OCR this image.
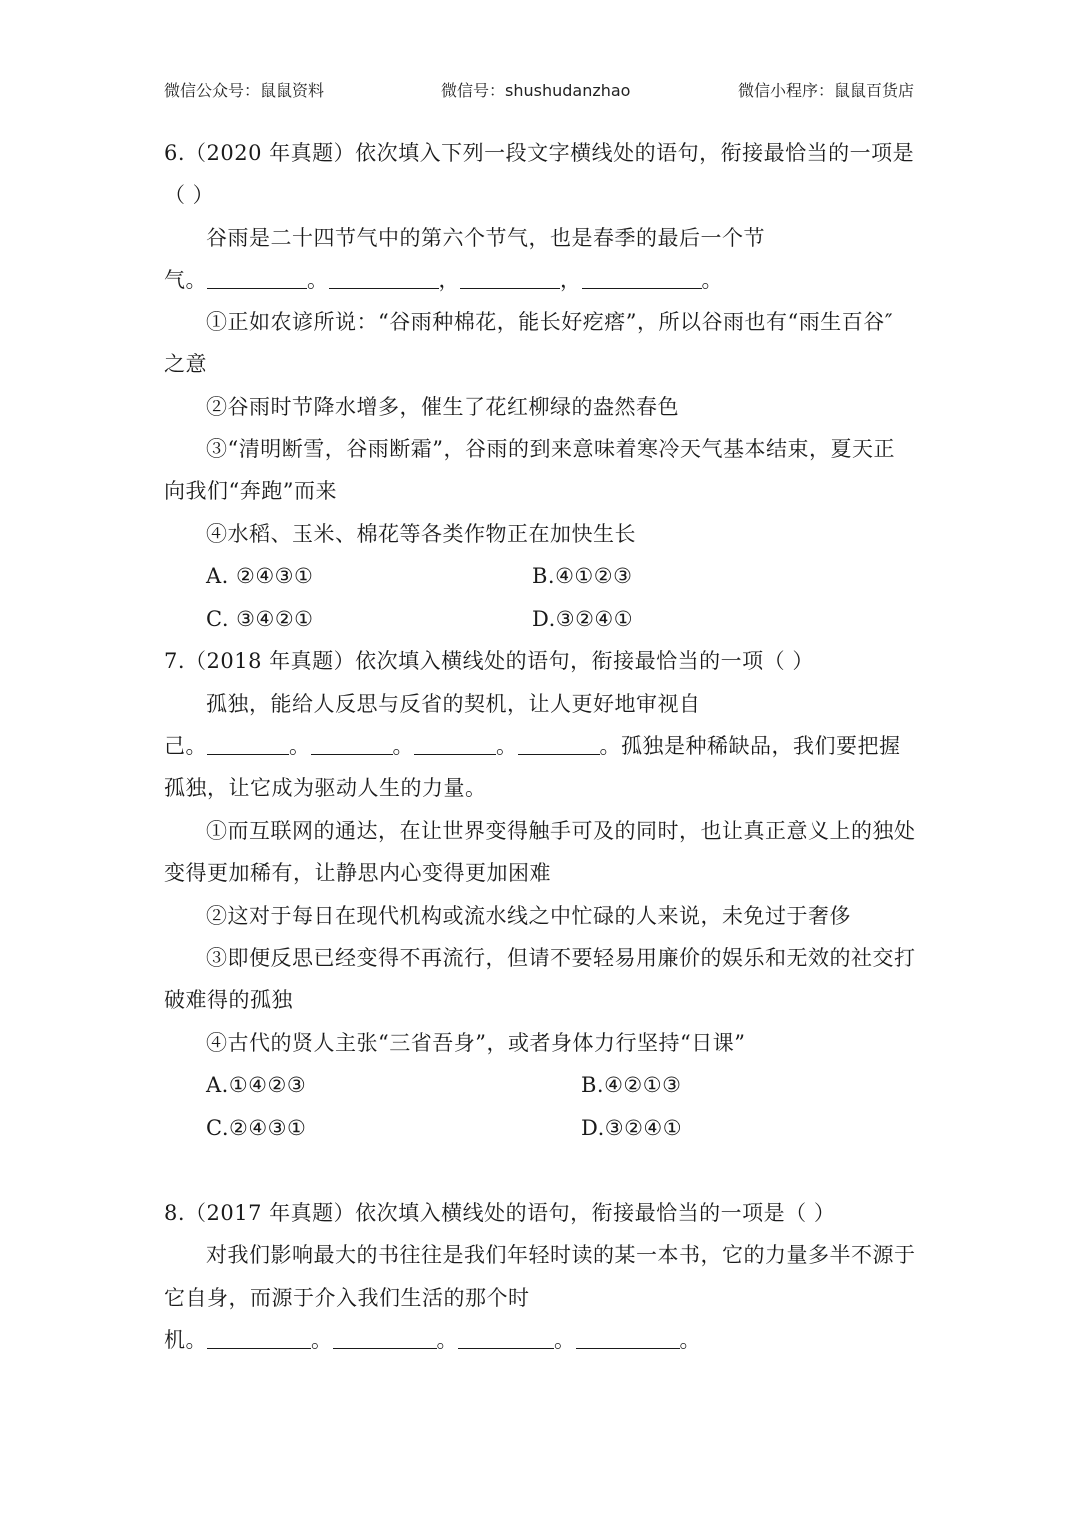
微信公众号：鼠鼠资料	微信号：shushudanzhao	微信小程序：鼠鼠百货店
6.（2020 年真题）依次填入下列一段文字横线处的语句，衔接最恰当的一项是
（ ）
谷雨是二十四节气中的第六个节气，也是春季的最后一个节
气。	。	，	，	。
①正如农谚所说：“谷雨种棉花，能长好疙瘩”，所以谷雨也有“雨生百谷″
之意
②谷雨时节降水增多，催生了花红柳绿的盎然春色
③“清明断雪，谷雨断霜”，谷雨的到来意味着寒冷天气基本结束，夏天正
向我们“奔跑”而来
④水稻、玉米、棉花等各类作物正在加快生长
A. ②④③①	B.④①②③
C. ③④②①	D.③②④①
7.（2018 年真题）依次填入横线处的语句，衔接最恰当的一项（ ）
孤独，能给人反思与反省的契机，让人更好地审视自
己。	。	。	。	。孤独是种稀缺品，我们要把握
孤独，让它成为驱动人生的力量。
①而互联网的通达，在让世界变得触手可及的同时，也让真正意义上的独处
变得更加稀有，让静思内心变得更加困难
②这对于每日在现代机构或流水线之中忙碌的人来说，未免过于奢侈
③即便反思已经变得不再流行，但请不要轻易用廉价的娱乐和无效的社交打
破难得的孤独
④古代的贤人主张“三省吾身”，或者身体力行坚持“日课”
A.①④②③	B.④②①③
C.②④③①	D.③②④①
8.（2017 年真题）依次填入横线处的语句，衔接最恰当的一项是（ ）
对我们影响最大的书往往是我们年轻时读的某一本书，它的力量多半不源于
它自身，而源于介入我们生活的那个时
机。	。	。	。	。
